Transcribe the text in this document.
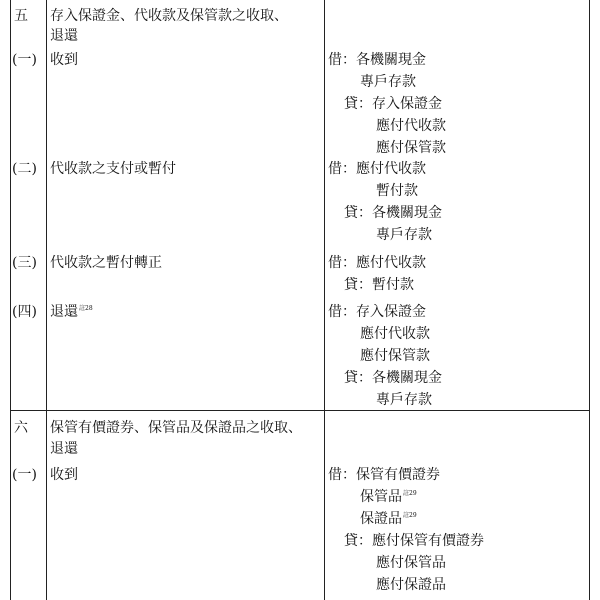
五 存入保證金、代收款及保管款之收取、
退還
(一) 收到	借：各機關現金
專戶存款
貸：存入保證金
應付代收款
應付保管款
(二) 代收款之支付或暫付	借：應付代收款
暫付款
貸：各機關現金
專戶存款
(三) 代收款之暫付轉正	借：應付代收款
貸：暫付款
(四) 退還$^{註28}$	借：存入保證金
應付代收款
應付保管款
貸：各機關現金
專戶存款
六 保管有價證券、保管品及保證品之收取、
退還
(一) 收到	借：保管有價證券
保管品$^{註29}$
保證品$^{註29}$
貸：應付保管有價證券
應付保管品
應付保證品
